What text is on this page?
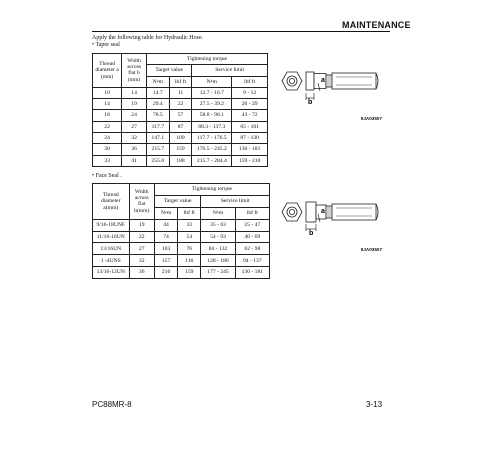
MAINTENANCE
Apply the following table for Hydraulic Hose.
• Taper seal
Thread diameter a (mm)	Width across flat b (mm)	Tightening torque			
		Target value		Service limit	
		N•m	lbf ft	N•m	lbf ft
10	14	14.7	11	12.7 - 16.7	9 - 12
14	19	29.4	22	27.5 - 39.2	20 - 29
18	24	78.5	57	58.8 - 98.1	43 - 72
22	27	117.7	87	88.3 - 137.3	65 - 101
24	32	147.1	109	117.7 - 176.5	87 - 130
30	36	215.7	159	176.5 - 245.2	130 - 181
33	41	255.0	188	215.7 - 284.4	159 - 210
a
b
9JA03507
• Face Seal .
Thread diameter a(mm)	Width across flat b(mm)	Tightening torque			
		Target value		Service limit	
		N•m	lbf ft	N•m	lbf ft
9/16-18UNF	19	44	33	35 - 63	25 - 47
11/16-16UN	22	74	54	54 - 93	40 - 69
13/16UN	27	103	76	84 - 132	62 - 98
1 -4UNS	32	157	116	128 - 186	94 - 137
13/16-12UN	36	216	159	177 - 245	130 - 181
a
b
9JA03507
PC88MR-8	3-13
